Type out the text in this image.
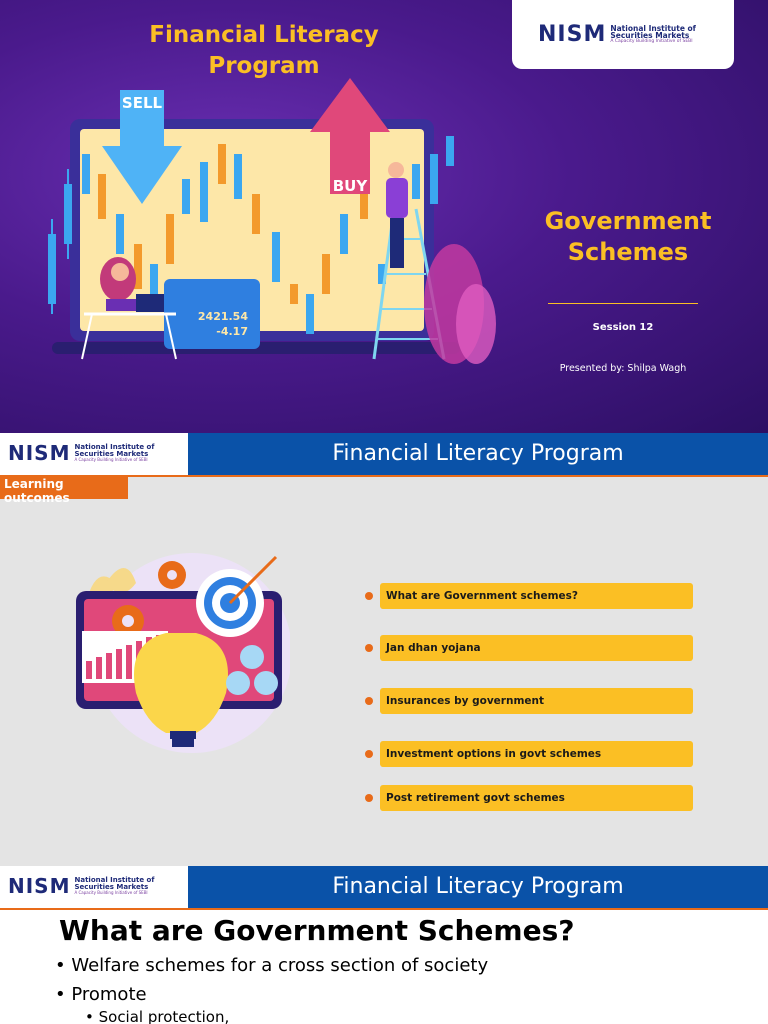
Financial Literacy Program
NISM National Institute of
Securities Markets
A Capacity Building Initiative of SEBI
SELL
BUY
2421.54
-4.17
Government Schemes
Session 12
Presented by: Shilpa Wagh
NISM National Institute of
Securities Markets
A Capacity Building Initiative of SEBI	Financial Literacy Program
Learning outcomes
What are Government schemes?
Jan dhan yojana
Insurances by government
Investment options in govt schemes
Post retirement govt schemes
NISM National Institute of
Securities Markets
A Capacity Building Initiative of SEBI	Financial Literacy Program
What are Government Schemes?
• Welfare schemes for a cross section of society
• Promote
• Social protection,
